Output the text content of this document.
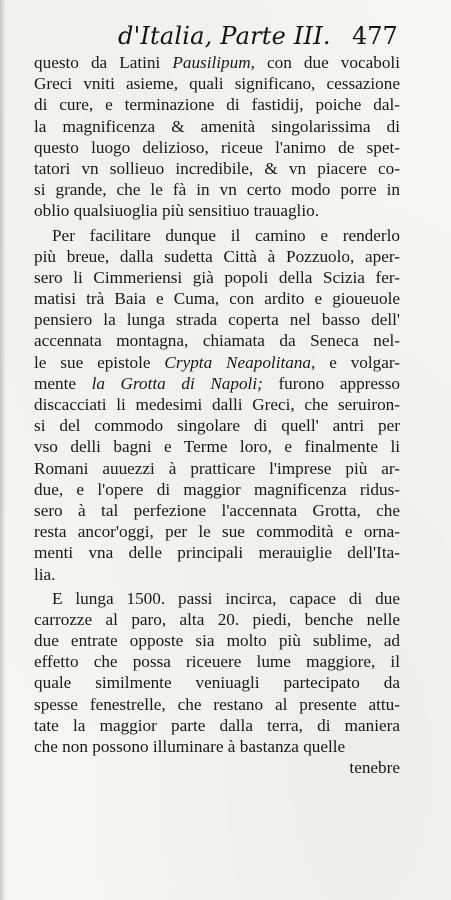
d'Italia, Parte III. 477
questo da Latini Pausilipum, con due vocaboli
Greci vniti asieme, quali significano, cessazione
di cure, e terminazione di fastidij, poiche dal-
la magnificenza & amenità singolarissima di
questo luogo delizioso, riceue l'animo de spet-
tatori vn sollieuo incredibile, & vn piacere co-
si grande, che le fà in vn certo modo porre in
oblio qualsiuoglia più sensitiuo trauaglio.
Per facilitare dunque il camino e renderlo
più breue, dalla sudetta Città à Pozzuolo, aper-
sero li Cimmeriensi già popoli della Scizia fer-
matisi trà Baia e Cuma, con ardito e gioueuole
pensiero la lunga strada coperta nel basso dell'
accennata montagna, chiamata da Seneca nel-
le sue epistole Crypta Neapolitana, e volgar-
mente la Grotta di Napoli; furono appresso
discacciati li medesimi dalli Greci, che seruiron-
si del commodo singolare di quell' antri per
vso delli bagni e Terme loro, e finalmente li
Romani auuezzi à pratticare l'imprese più ar-
due, e l'opere di maggior magnificenza ridus-
sero à tal perfezione l'accennata Grotta, che
resta ancor'oggi, per le sue commodità e orna-
menti vna delle principali merauiglie dell'Ita-
lia.
E lunga 1500. passi incirca, capace di due
carrozze al paro, alta 20. piedi, benche nelle
due entrate opposte sia molto più sublime, ad
effetto che possa riceuere lume maggiore, il
quale similmente veniuagli partecipato da
spesse fenestrelle, che restano al presente attu-
tate la maggior parte dalla terra, di maniera
che non possono illuminare à bastanza quelle
tenebre
